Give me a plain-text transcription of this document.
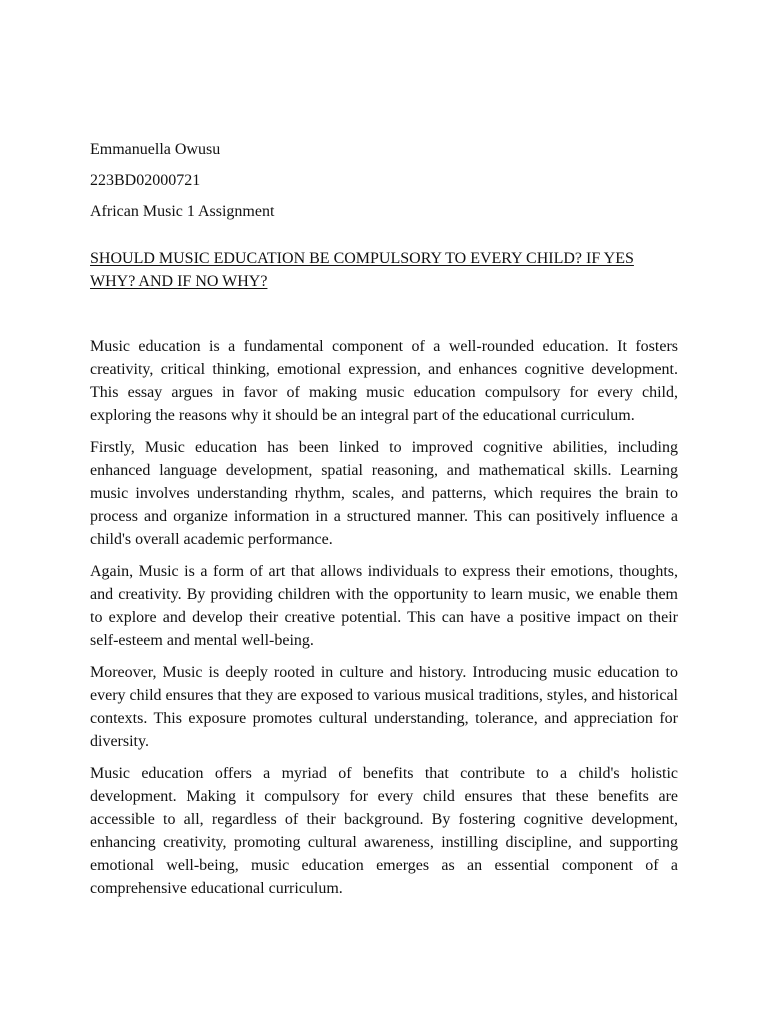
Emmanuella Owusu

223BD02000721

African Music 1 Assignment

SHOULD MUSIC EDUCATION BE COMPULSORY TO EVERY CHILD? IF YES WHY? AND IF NO WHY?

Music education is a fundamental component of a well-rounded education. It fosters creativity, critical thinking, emotional expression, and enhances cognitive development. This essay argues in favor of making music education compulsory for every child, exploring the reasons why it should be an integral part of the educational curriculum.

Firstly, Music education has been linked to improved cognitive abilities, including enhanced language development, spatial reasoning, and mathematical skills. Learning music involves understanding rhythm, scales, and patterns, which requires the brain to process and organize information in a structured manner. This can positively influence a child's overall academic performance.

Again, Music is a form of art that allows individuals to express their emotions, thoughts, and creativity. By providing children with the opportunity to learn music, we enable them to explore and develop their creative potential. This can have a positive impact on their self-esteem and mental well-being.

Moreover, Music is deeply rooted in culture and history. Introducing music education to every child ensures that they are exposed to various musical traditions, styles, and historical contexts. This exposure promotes cultural understanding, tolerance, and appreciation for diversity.

Music education offers a myriad of benefits that contribute to a child's holistic development. Making it compulsory for every child ensures that these benefits are accessible to all, regardless of their background. By fostering cognitive development, enhancing creativity, promoting cultural awareness, instilling discipline, and supporting emotional well-being, music education emerges as an essential component of a comprehensive educational curriculum.
